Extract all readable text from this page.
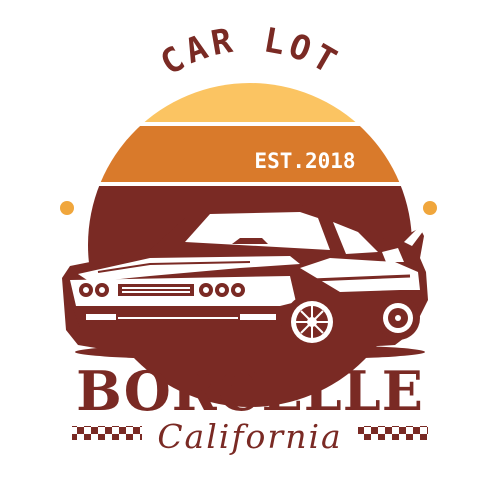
CAR LOT
EST.2018
BORCELLE
California
